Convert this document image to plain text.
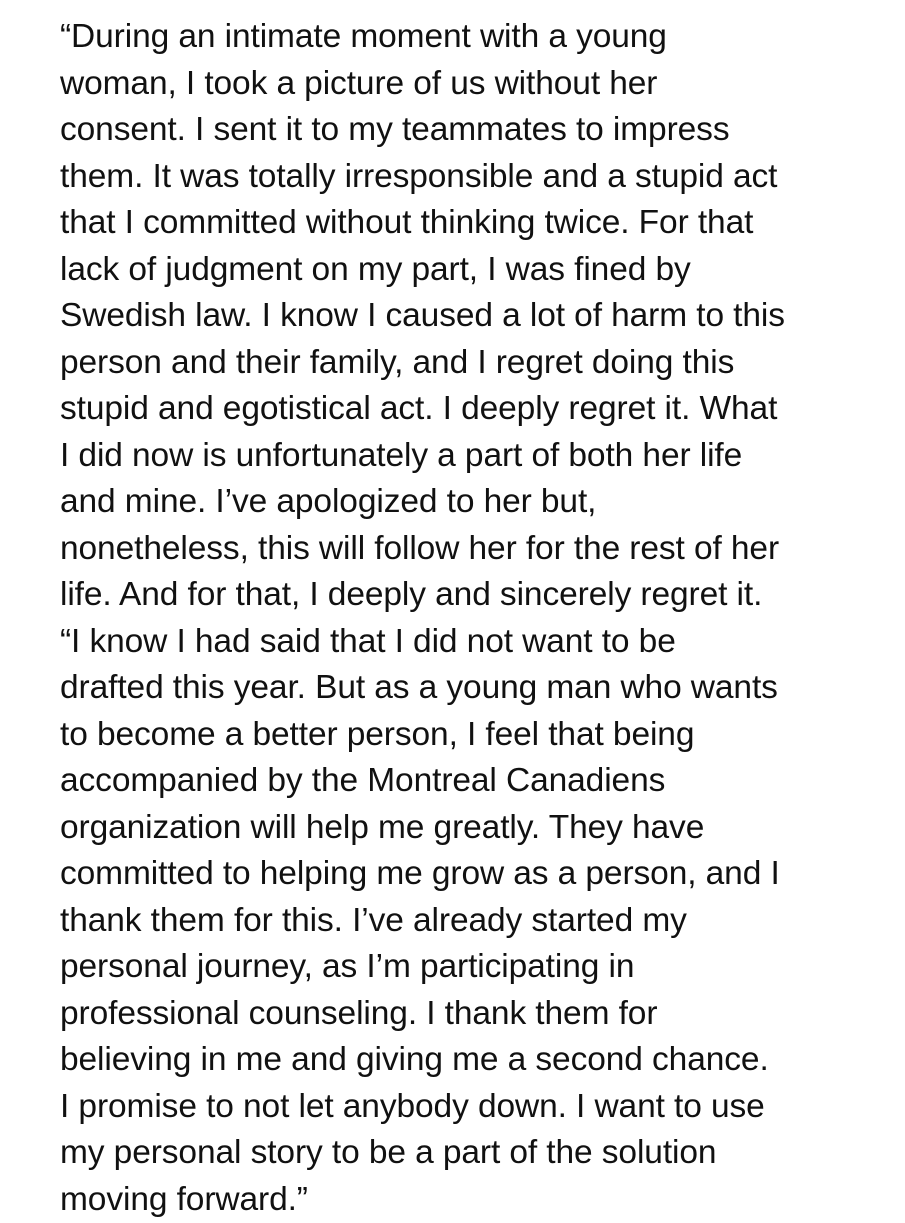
“During an intimate moment with a young
woman, I took a picture of us without her
consent. I sent it to my teammates to impress
them. It was totally irresponsible and a stupid act
that I committed without thinking twice. For that
lack of judgment on my part, I was fined by
Swedish law. I know I caused a lot of harm to this
person and their family, and I regret doing this
stupid and egotistical act. I deeply regret it. What
I did now is unfortunately a part of both her life
and mine. I’ve apologized to her but,
nonetheless, this will follow her for the rest of her
life. And for that, I deeply and sincerely regret it.
“I know I had said that I did not want to be
drafted this year. But as a young man who wants
to become a better person, I feel that being
accompanied by the Montreal Canadiens
organization will help me greatly. They have
committed to helping me grow as a person, and I
thank them for this. I’ve already started my
personal journey, as I’m participating in
professional counseling. I thank them for
believing in me and giving me a second chance.
I promise to not let anybody down. I want to use
my personal story to be a part of the solution
moving forward.”
